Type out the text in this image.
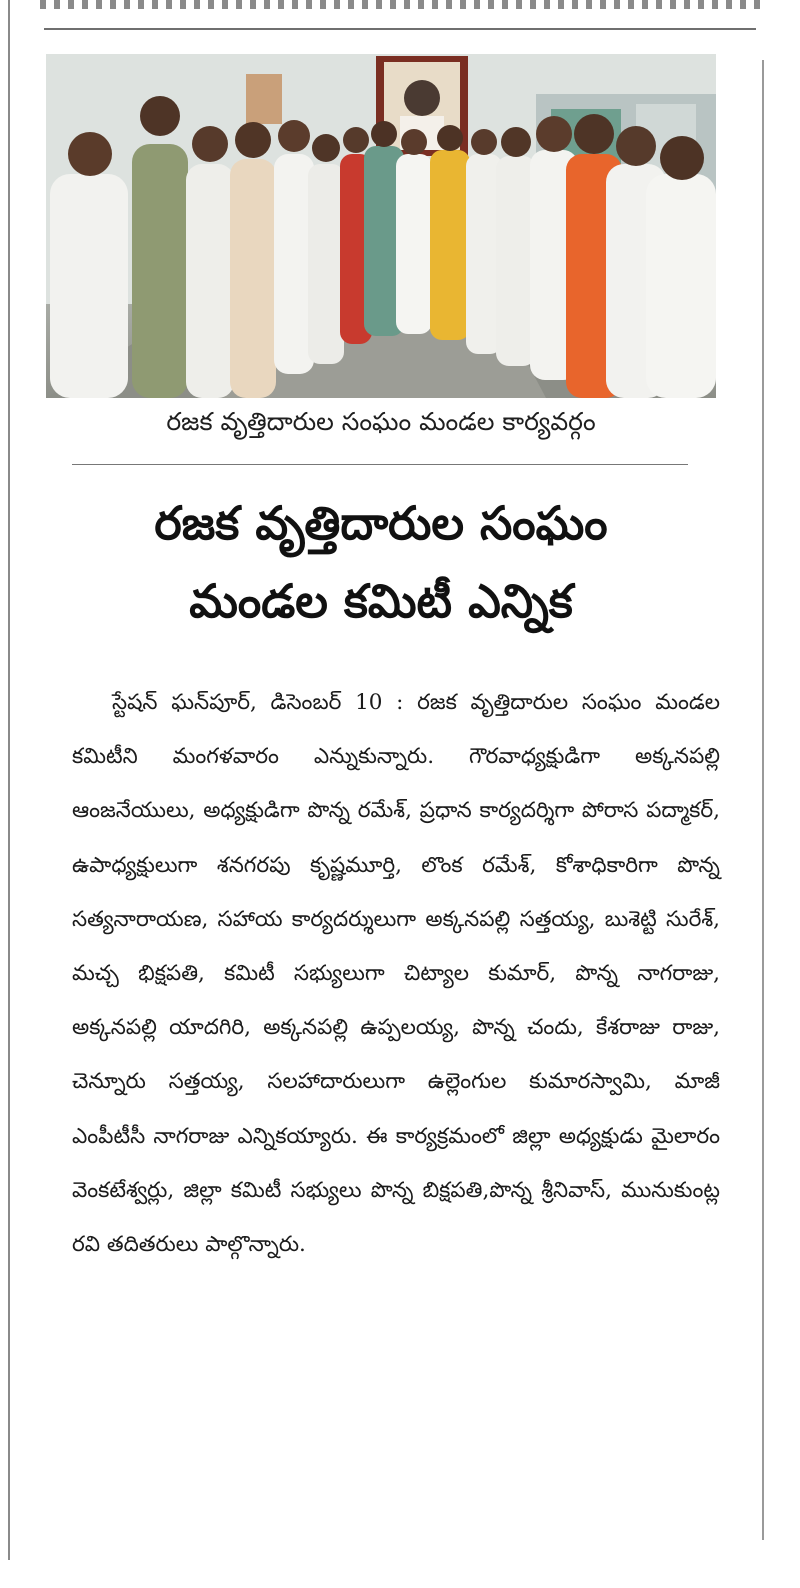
రజక వృత్తిదారుల సంఘం మండల కార్యవర్గం
రజక వృత్తిదారుల సంఘం
మండల కమిటీ ఎన్నిక
స్టేషన్ ఘన్‌పూర్, డిసెంబర్ 10 : రజక వృత్తిదారుల సంఘం మండల కమిటీని మంగళవారం ఎన్నుకున్నారు. గౌరవాధ్యక్షుడిగా అక్కనపల్లి ఆంజనేయులు, అధ్యక్షుడిగా పొన్న రమేశ్, ప్రధాన కార్యదర్శిగా పోరాస పద్మాకర్, ఉపాధ్యక్షులుగా శనగరపు కృష్ణమూర్తి, లొంక రమేశ్, కోశాధికారిగా పొన్న సత్యనారాయణ, సహాయ కార్యదర్శులుగా అక్కనపల్లి సత్తయ్య, బుశెట్టి సురేశ్, మచ్చ భిక్షపతి, కమిటీ సభ్యులుగా చిట్యాల కుమార్, పొన్న నాగరాజు, అక్కనపల్లి యాదగిరి, అక్కనపల్లి ఉప్పలయ్య, పొన్న చందు, కేశరాజు రాజు, చెన్నూరు సత్తయ్య, సలహాదారులుగా ఉల్లెంగుల కుమారస్వామి, మాజీ ఎంపీటీసీ నాగరాజు ఎన్నికయ్యారు. ఈ కార్యక్రమంలో జిల్లా అధ్యక్షుడు మైలారం వెంకటేశ్వర్లు, జిల్లా కమిటీ సభ్యులు పొన్న బిక్షపతి,పొన్న శ్రీనివాస్, మునుకుంట్ల రవి తదితరులు పాల్గొన్నారు.
